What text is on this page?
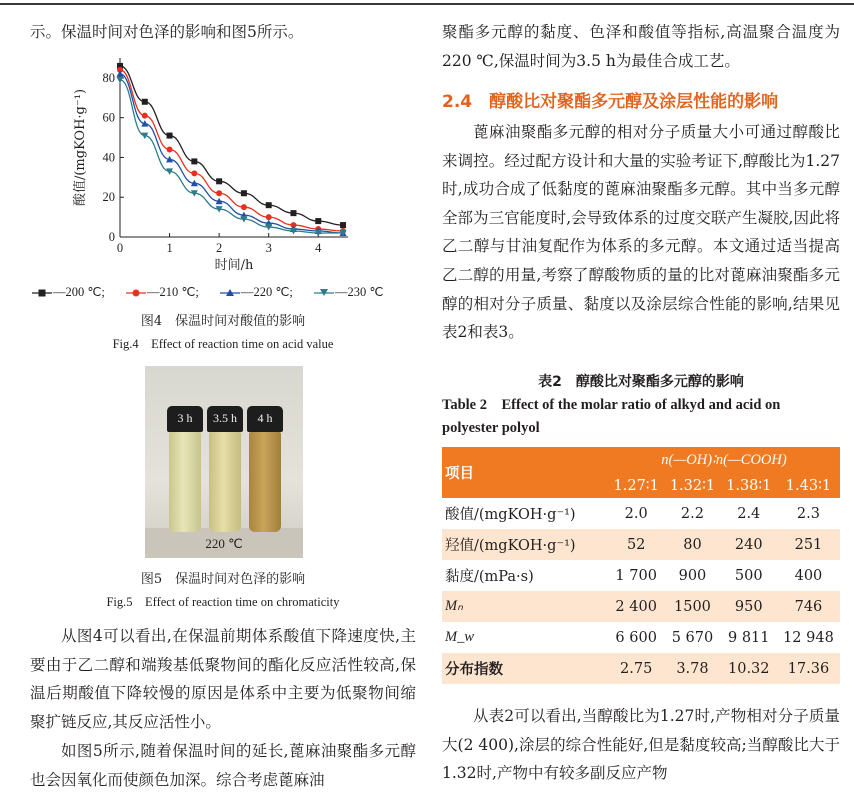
示。保温时间对色泽的影响和图5所示。

0	1	2	3	4
0
20
40
60
80
时间/h
酸值/(mgKOH·g⁻¹)
—200 ℃;	—210 ℃;	—220 ℃;	—230 ℃
图4　保温时间对酸值的影响
Fig.4　Effect of reaction time on acid value
3 h	3.5 h	4 h
220 ℃
图5　保温时间对色泽的影响
Fig.5　Effect of reaction time on chromaticity

从图4可以看出,在保温前期体系酸值下降速度快,主要由于乙二醇和端羧基低聚物间的酯化反应活性较高,保温后期酸值下降较慢的原因是体系中主要为低聚物间缩聚扩链反应,其反应活性小。

如图5所示,随着保温时间的延长,蓖麻油聚酯多元醇也会因氧化而使颜色加深。综合考虑蓖麻油

聚酯多元醇的黏度、色泽和酸值等指标,高温聚合温度为220 ℃,保温时间为3.5 h为最佳合成工艺。

2.4　醇酸比对聚酯多元醇及涂层性能的影响

蓖麻油聚酯多元醇的相对分子质量大小可通过醇酸比来调控。经过配方设计和大量的实验考证下,醇酸比为1.27时,成功合成了低黏度的蓖麻油聚酯多元醇。其中当多元醇全部为三官能度时,会导致体系的过度交联产生凝胶,因此将乙二醇与甘油复配作为体系的多元醇。本文通过适当提高乙二醇的用量,考察了醇酸物质的量的比对蓖麻油聚酯多元醇的相对分子质量、黏度以及涂层综合性能的影响,结果见表2和表3。

表2　醇酸比对聚酯多元醇的影响
Table 2　Effect of the molar ratio of alkyd and acid on polyester polyol
项目	n(—OH)∶n(—COOH)			
	1.27∶1	1.32∶1	1.38∶1	1.43∶1
酸值/(mgKOH·g⁻¹)	2.0	2.2	2.4	2.3
羟值/(mgKOH·g⁻¹)	52	80	240	251
黏度/(mPa·s)	1 700	900	500	400
Mₙ	2 400	1500	950	746
M_w	6 600	5 670	9 811	12 948
分布指数	2.75	3.78	10.32	17.36

从表2可以看出,当醇酸比为1.27时,产物相对分子质量大(2 400),涂层的综合性能好,但是黏度较高;当醇酸比大于1.32时,产物中有较多副反应产物
